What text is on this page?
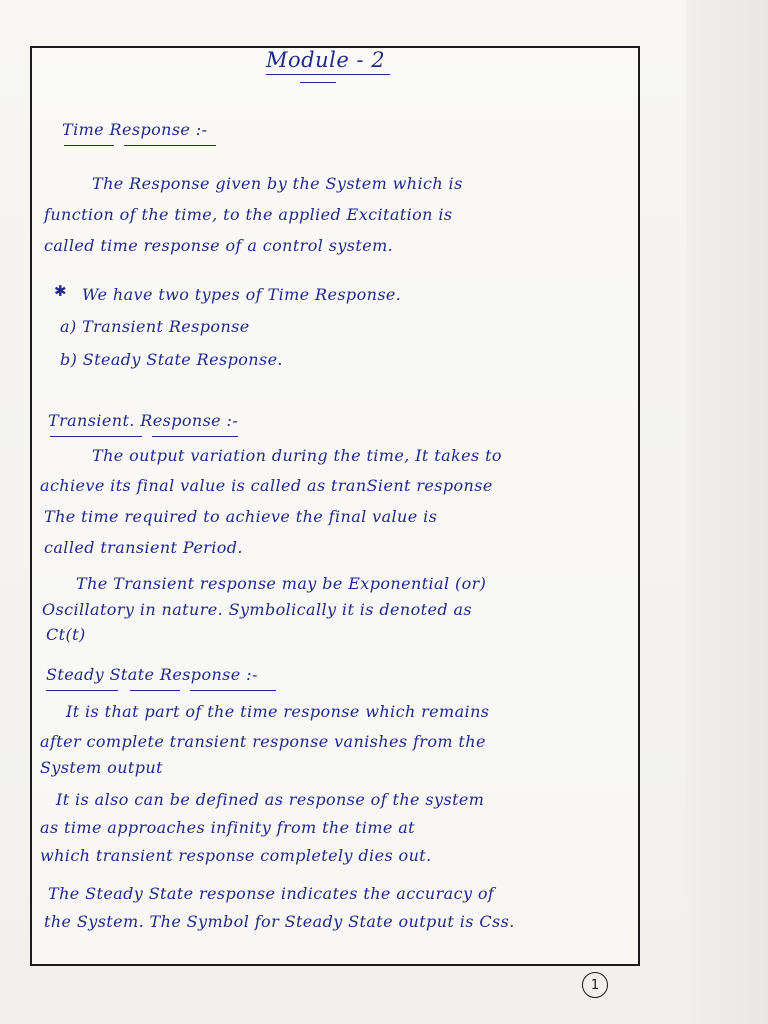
Module - 2
Time Response :-
The Response given by the System which is
function of the time, to the applied Excitation is
called time response of a control system.
✱ We have two types of Time Response.
a) Transient Response
b) Steady State Response.
Transient. Response :-
The output variation during the time, It takes to
achieve its final value is called as tranSient response
The time required to achieve the final value is
called transient Period.
The Transient response may be Exponential (or)
Oscillatory in nature. Symbolically it is denoted as
Ct(t)
Steady State Response :-
It is that part of the time response which remains
after complete transient response vanishes from the
System output
It is also can be defined as response of the system
as time approaches infinity from the time at
which transient response completely dies out.
The Steady State response indicates the accuracy of
the System. The Symbol for Steady State output is Css.
1
